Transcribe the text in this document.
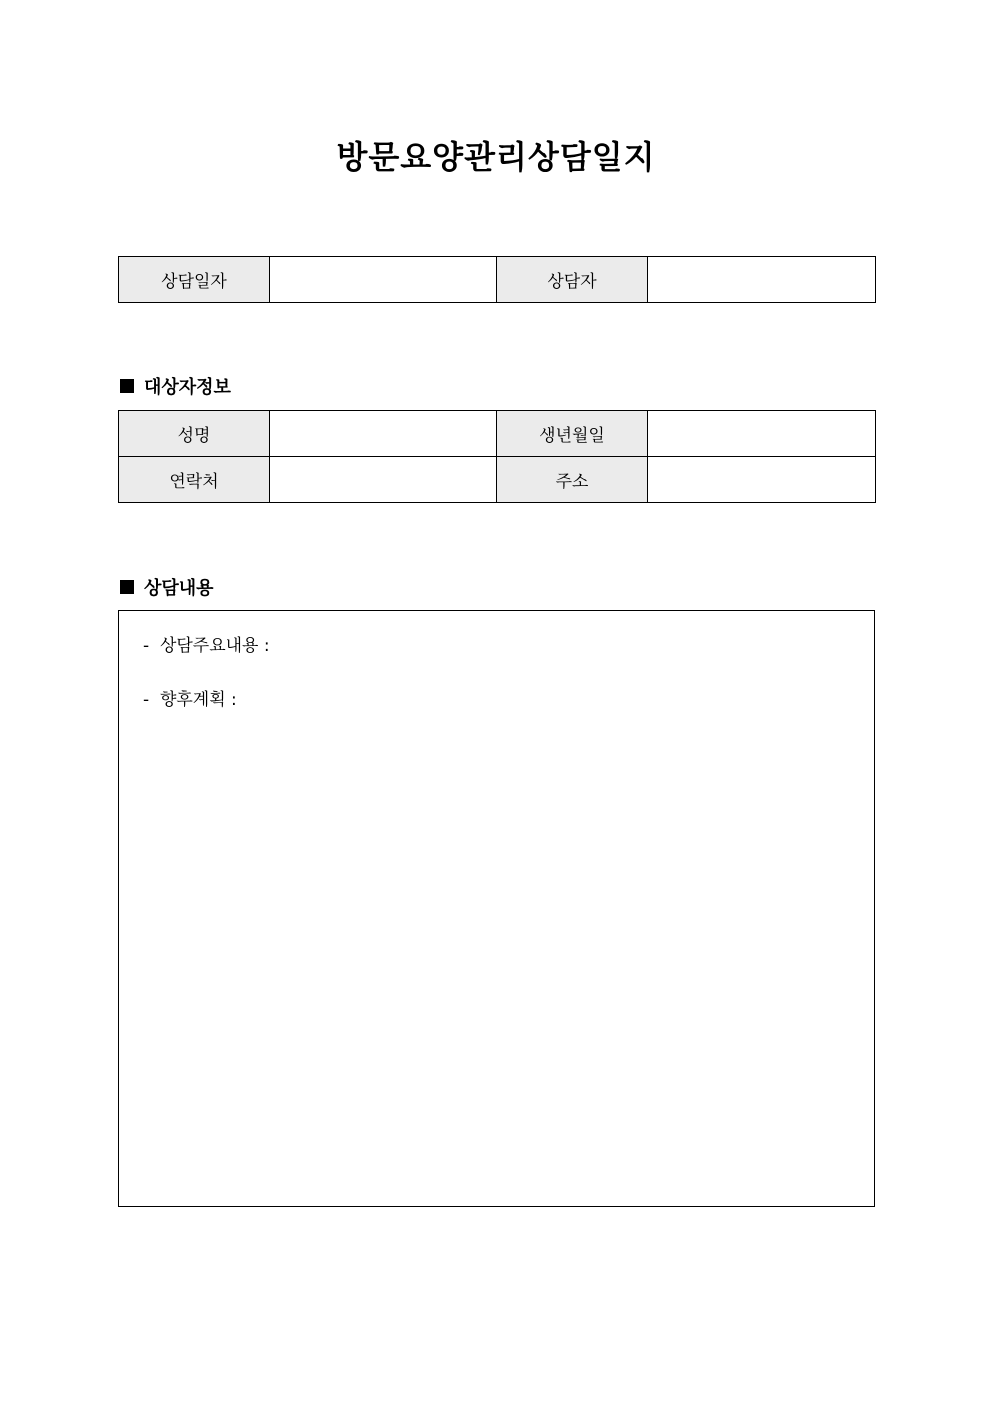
방문요양관리상담일지
상담일자		상담자	
대상자정보
성명		생년월일	
연락처		주소	
상담내용
-  상담주요내용 :
-  향후계획 :
